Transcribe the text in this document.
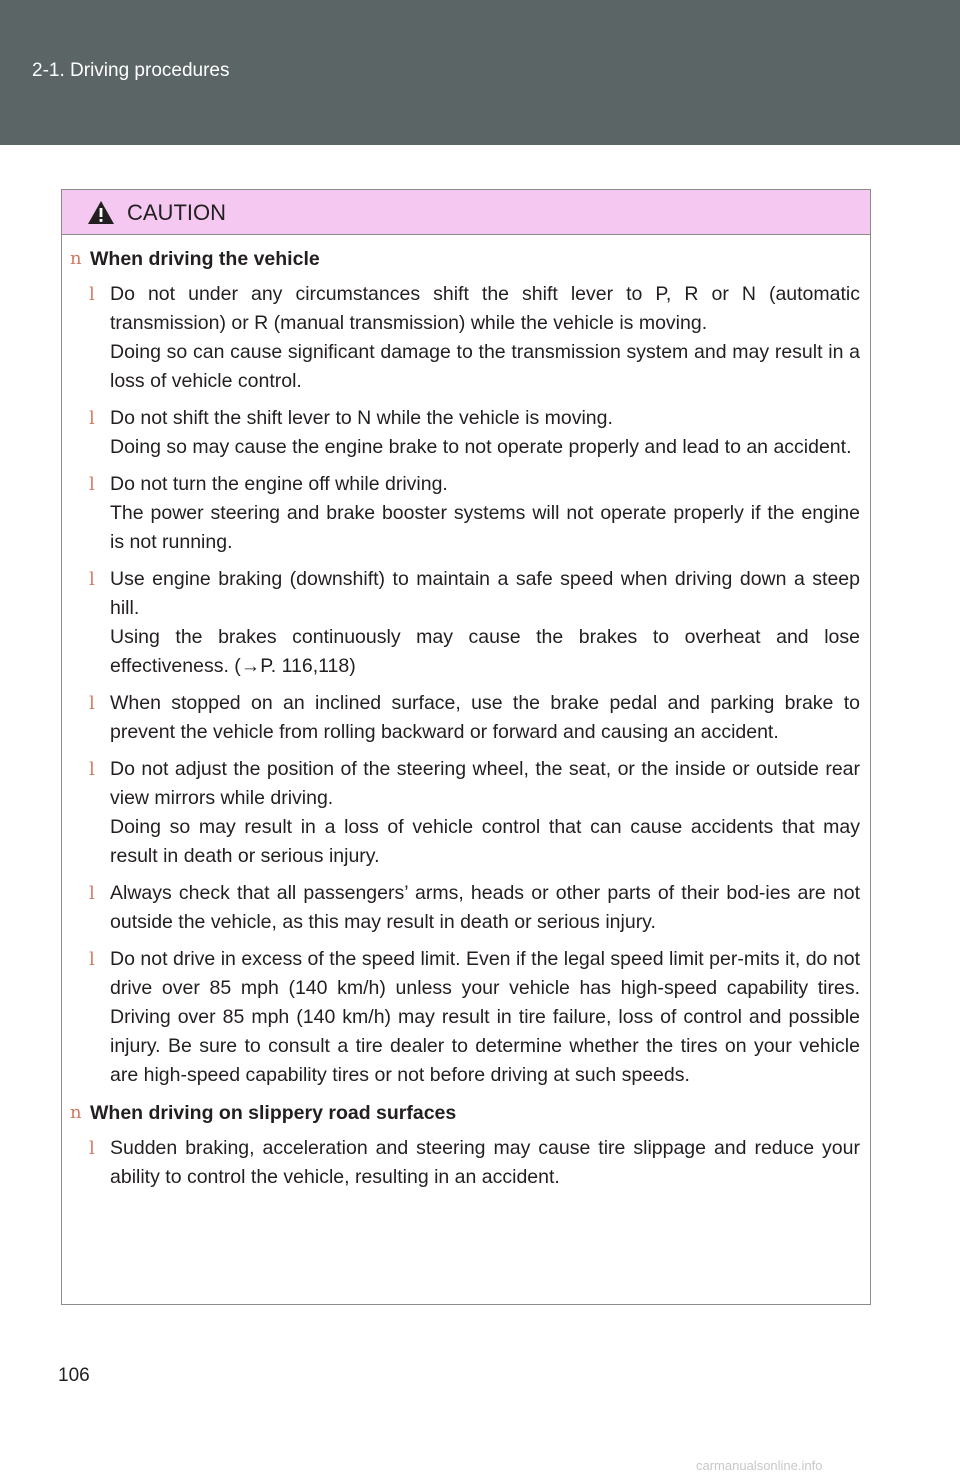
2-1. Driving procedures
CAUTION
n When driving the vehicle
l Do not under any circumstances shift the shift lever to P, R or N (automatic transmission) or R (manual transmission) while the vehicle is moving.

Doing so can cause significant damage to the transmission system and may result in a loss of vehicle control.

l Do not shift the shift lever to N while the vehicle is moving.

Doing so may cause the engine brake to not operate properly and lead to an accident.

l Do not turn the engine off while driving.

The power steering and brake booster systems will not operate properly if the engine is not running.

l Use engine braking (downshift) to maintain a safe speed when driving down a steep hill.

Using the brakes continuously may cause the brakes to overheat and lose effectiveness. (→P. 116,118)

l When stopped on an inclined surface, use the brake pedal and parking brake to prevent the vehicle from rolling backward or forward and causing an accident.

l Do not adjust the position of the steering wheel, the seat, or the inside or outside rear view mirrors while driving.

Doing so may result in a loss of vehicle control that can cause accidents that may result in death or serious injury.

l Always check that all passengers’ arms, heads or other parts of their bod-ies are not outside the vehicle, as this may result in death or serious injury.

l Do not drive in excess of the speed limit. Even if the legal speed limit per-mits it, do not drive over 85 mph (140 km/h) unless your vehicle has high-speed capability tires. Driving over 85 mph (140 km/h) may result in tire failure, loss of control and possible injury. Be sure to consult a tire dealer to determine whether the tires on your vehicle are high-speed capability tires or not before driving at such speeds.

n When driving on slippery road surfaces
l Sudden braking, acceleration and steering may cause tire slippage and reduce your ability to control the vehicle, resulting in an accident.

106
carmanualsonline.info
